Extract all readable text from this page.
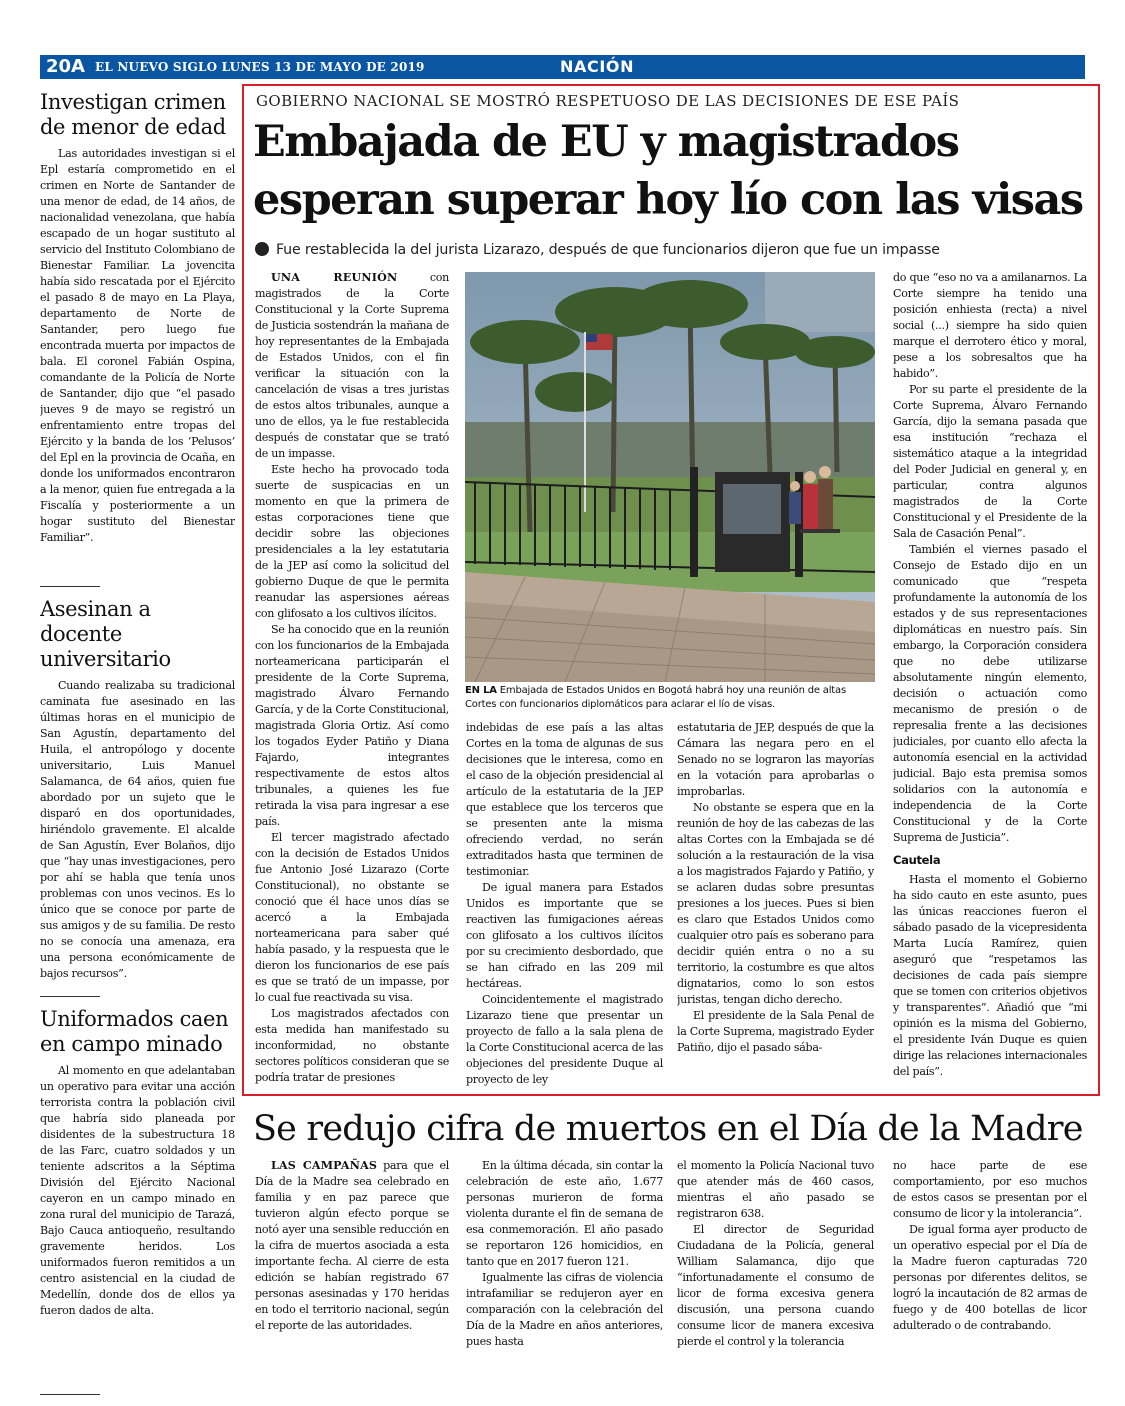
20A EL NUEVO SIGLO LUNES 13 DE MAYO DE 2019	NACIÓN
Investigan crimen de menor de edad

Las autoridades investigan si el Epl estaría comprometido en el crimen en Norte de Santander de una menor de edad, de 14 años, de nacionalidad venezolana, que había escapado de un hogar sustituto al servicio del Instituto Colombiano de Bienestar Familiar. La jovencita había sido rescatada por el Ejército el pasado 8 de mayo en La Playa, departamento de Norte de Santander, pero luego fue encontrada muerta por impactos de bala. El coronel Fabián Ospina, comandante de la Policía de Norte de Santander, dijo que “el pasado jueves 9 de mayo se registró un enfrentamiento entre tropas del Ejército y la banda de los ‘Pelusos’ del Epl en la provincia de Ocaña, en donde los uniformados encontraron a la menor, quien fue entregada a la Fiscalía y posteriormente a un hogar sustituto del Bienestar Familiar”.

Asesinan a docente universitario

Cuando realizaba su tradicional caminata fue asesinado en las últimas horas en el municipio de San Agustín, departamento del Huila, el antropólogo y docente universitario, Luis Manuel Salamanca, de 64 años, quien fue abordado por un sujeto que le disparó en dos oportunidades, hiriéndolo gravemente. El alcalde de San Agustín, Ever Bolaños, dijo que “hay unas investigaciones, pero por ahí se habla que tenía unos problemas con unos vecinos. Es lo único que se conoce por parte de sus amigos y de su familia. De resto no se conocía una amenaza, era una persona económicamente de bajos recursos”.

Uniformados caen en campo minado

Al momento en que adelantaban un operativo para evitar una acción terrorista contra la población civil que habría sido planeada por disidentes de la subestructura 18 de las Farc, cuatro soldados y un teniente adscritos a la Séptima División del Ejército Nacional cayeron en un campo minado en zona rural del municipio de Tarazá, Bajo Cauca antioqueño, resultando gravemente heridos. Los uniformados fueron remitidos a un centro asistencial en la ciudad de Medellín, donde dos de ellos ya fueron dados de alta.

GOBIERNO NACIONAL SE MOSTRÓ RESPETUOSO DE LAS DECISIONES DE ESE PAÍS
Embajada de EU y magistrados esperan superar hoy lío con las visas
Fue restablecida la del jurista Lizarazo, después de que funcionarios dijeron que fue un impasse

UNA REUNIÓN	con magistrados de la Corte Constitucional y la Corte Suprema de Justicia sostendrán la mañana de hoy representantes de la Embajada de Estados Unidos, con el fin verificar la situación con la cancelación de visas a tres juristas de estos altos tribunales, aunque a uno de ellos, ya le fue restablecida después de constatar que se trató de un impasse.

Este hecho ha provocado toda suerte de suspicacias en un momento en que la primera de estas corporaciones tiene que decidir sobre las objeciones presidenciales a la ley estatutaria de la JEP así como la solicitud del gobierno Duque de que le permita reanudar las aspersiones aéreas con glifosato a los cultivos ilícitos.

Se ha conocido que en la reunión con los funcionarios de la Embajada norteamericana participarán el presidente de la Corte Suprema, magistrado Álvaro Fernando García, y de la Corte Constitucional, magistrada Gloria Ortiz. Así como los togados Eyder Patiño y Diana Fajardo, integrantes respectivamente de estos altos tribunales, a quienes les fue retirada la visa para ingresar a ese país.

El tercer magistrado afectado con la decisión de Estados Unidos fue Antonio José Lizarazo (Corte Constitucional), no obstante se conoció que él hace unos días se acercó a la Embajada norteamericana para saber qué había pasado, y la respuesta que le dieron los funcionarios de ese país es que se trató de un impasse, por lo cual fue reactivada su visa.

Los magistrados afectados con esta medida han manifestado su inconformidad, no obstante sectores políticos consideran que se podría tratar de presiones

EN LA Embajada de Estados Unidos en Bogotá habrá hoy una reunión de altas Cortes con funcionarios diplomáticos para aclarar el lío de visas.

indebidas de ese país a las altas Cortes en la toma de algunas de sus decisiones que le interesa, como en el caso de la objeción presidencial al artículo de la estatutaria de la JEP que establece que los terceros que se presenten ante la misma ofreciendo verdad, no serán extraditados hasta que terminen de testimoniar.

De igual manera para Estados Unidos es importante que se reactiven las fumigaciones aéreas con glifosato a los cultivos ilícitos por su crecimiento desbordado, que se han cifrado en las 209 mil hectáreas.

Coincidentemente el magistrado Lizarazo tiene que presentar un proyecto de fallo a la sala plena de la Corte Constitucional acerca de las objeciones del presidente Duque al proyecto de ley

estatutaria de JEP, después de que la Cámara las negara pero en el Senado no se lograron las mayorías en la votación para aprobarlas o improbarlas.

No obstante se espera que en la reunión de hoy de las cabezas de las altas Cortes con la Embajada se dé solución a la restauración de la visa a los magistrados Fajardo y Patiño, y se aclaren dudas sobre presuntas presiones a los jueces. Pues si bien es claro que Estados Unidos como cualquier otro país es soberano para decidir quién entra o no a su territorio, la costumbre es que altos dignatarios, como lo son estos juristas, tengan dicho derecho.

El presidente de la Sala Penal de la Corte Suprema, magistrado Eyder Patiño, dijo el pasado sába-

do que “eso no va a amilanarnos. La Corte siempre ha tenido una posición enhiesta (recta) a nivel social (...) siempre ha sido quien marque el derrotero ético y moral, pese a los sobresaltos que ha habido”.

Por su parte el presidente de la Corte Suprema, Álvaro Fernando García, dijo la semana pasada que esa institución “rechaza el sistemático ataque a la integridad del Poder Judicial en general y, en particular, contra algunos magistrados de la Corte Constitucional y el Presidente de la Sala de Casación Penal”.

También el viernes pasado el Consejo de Estado dijo en un comunicado que “respeta profundamente la autonomía de los estados y de sus representaciones diplomáticas en nuestro país. Sin embargo, la Corporación considera que no debe utilizarse absolutamente ningún elemento, decisión o actuación como mecanismo de presión o de represalia frente a las decisiones judiciales, por cuanto ello afecta la autonomía esencial en la actividad judicial. Bajo esta premisa somos solidarios con la autonomía e independencia de la Corte Constitucional y de la Corte Suprema de Justicia”.

Cautela

Hasta el momento el Gobierno ha sido cauto en este asunto, pues las únicas reacciones fueron el sábado pasado de la vicepresidenta Marta Lucía Ramírez, quien aseguró que “respetamos las decisiones de cada país siempre que se tomen con criterios objetivos y transparentes”. Añadió que “mi opinión es la misma del Gobierno, el presidente Iván Duque es quien dirige las relaciones internacionales del país”.

Se redujo cifra de muertos en el Día de la Madre

LAS CAMPAÑAS para que el Día de la Madre sea celebrado en familia y en paz parece que tuvieron algún efecto porque se notó ayer una sensible reducción en la cifra de muertos asociada a esta importante fecha. Al cierre de esta edición se habían registrado 67 personas asesinadas y 170 heridas en todo el territorio nacional, según el reporte de las autoridades.

En la última década, sin contar la celebración de este año, 1.677 personas murieron de forma violenta durante el fin de semana de esa conmemoración. El año pasado se reportaron 126 homicidios, en tanto que en 2017 fueron 121.

Igualmente las cifras de violencia intrafamiliar se redujeron ayer en comparación con la celebración del Día de la Madre en años anteriores, pues hasta

el momento la Policía Nacional tuvo que atender más de 460 casos, mientras el año pasado se registraron 638.

El director de Seguridad Ciudadana de la Policía, general William Salamanca, dijo que “infortunadamente el consumo de licor de forma excesiva genera discusión, una persona cuando consume licor de manera excesiva pierde el control y la tolerancia

no hace parte de ese comportamiento, por eso muchos de estos casos se presentan por el consumo de licor y la intolerancia”.

De igual forma ayer producto de un operativo especial por el Día de la Madre fueron capturadas 720 personas por diferentes delitos, se logró la incautación de 82 armas de fuego y de 400 botellas de licor adulterado o de contrabando.
